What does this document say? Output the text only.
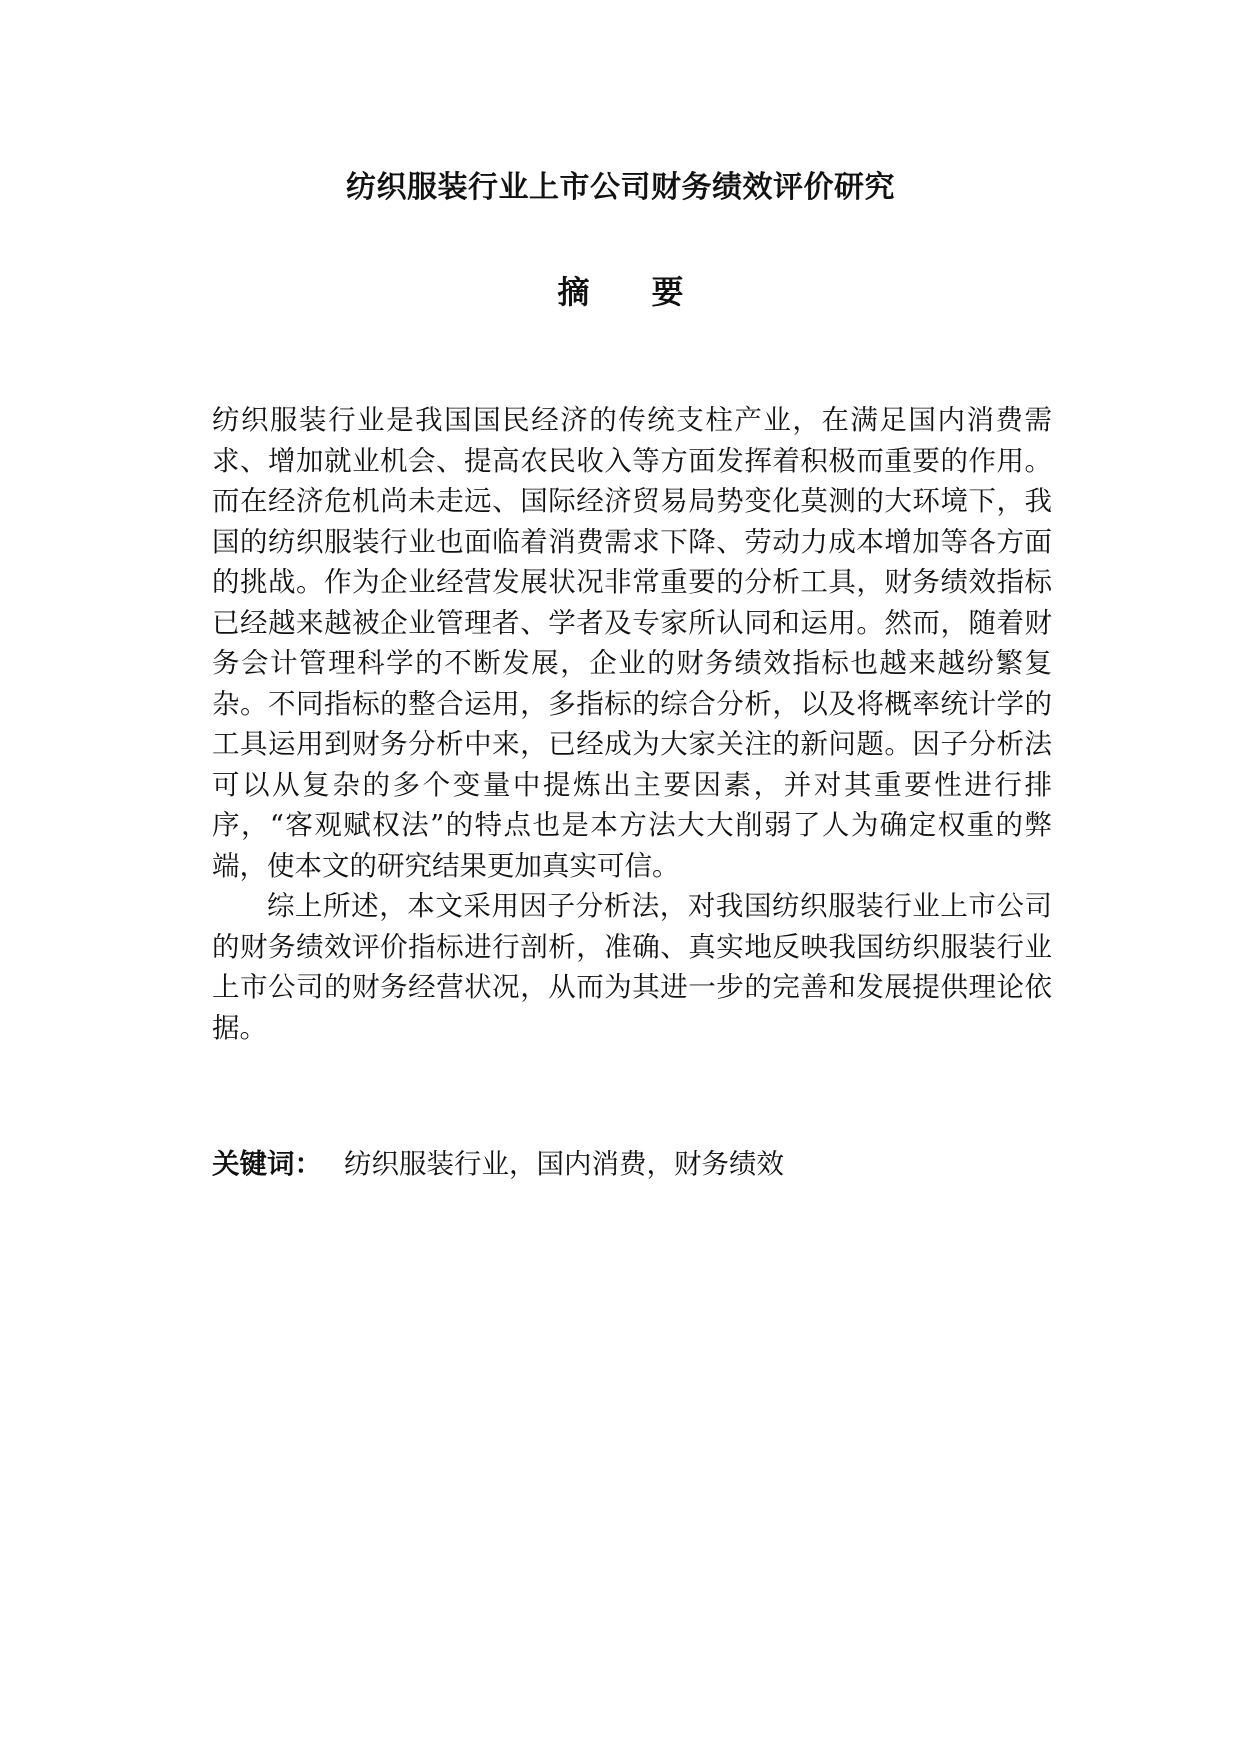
纺织服装行业上市公司财务绩效评价研究
摘 要

纺织服装行业是我国国民经济的传统支柱产业，在满足国内消费需求、增加就业机会、提高农民收入等方面发挥着积极而重要的作用。而在经济危机尚未走远、国际经济贸易局势变化莫测的大环境下，我国的纺织服装行业也面临着消费需求下降、劳动力成本增加等各方面的挑战。作为企业经营发展状况非常重要的分析工具，财务绩效指标已经越来越被企业管理者、学者及专家所认同和运用。然而，随着财务会计管理科学的不断发展，企业的财务绩效指标也越来越纷繁复杂。不同指标的整合运用，多指标的综合分析，以及将概率统计学的工具运用到财务分析中来，已经成为大家关注的新问题。因子分析法可以从复杂的多个变量中提炼出主要因素，并对其重要性进行排序，“客观赋权法”的特点也是本方法大大削弱了人为确定权重的弊端，使本文的研究结果更加真实可信。

综上所述，本文采用因子分析法，对我国纺织服装行业上市公司的财务绩效评价指标进行剖析，准确、真实地反映我国纺织服装行业上市公司的财务经营状况，从而为其进一步的完善和发展提供理论依据。

关键词： 纺织服装行业，国内消费，财务绩效
